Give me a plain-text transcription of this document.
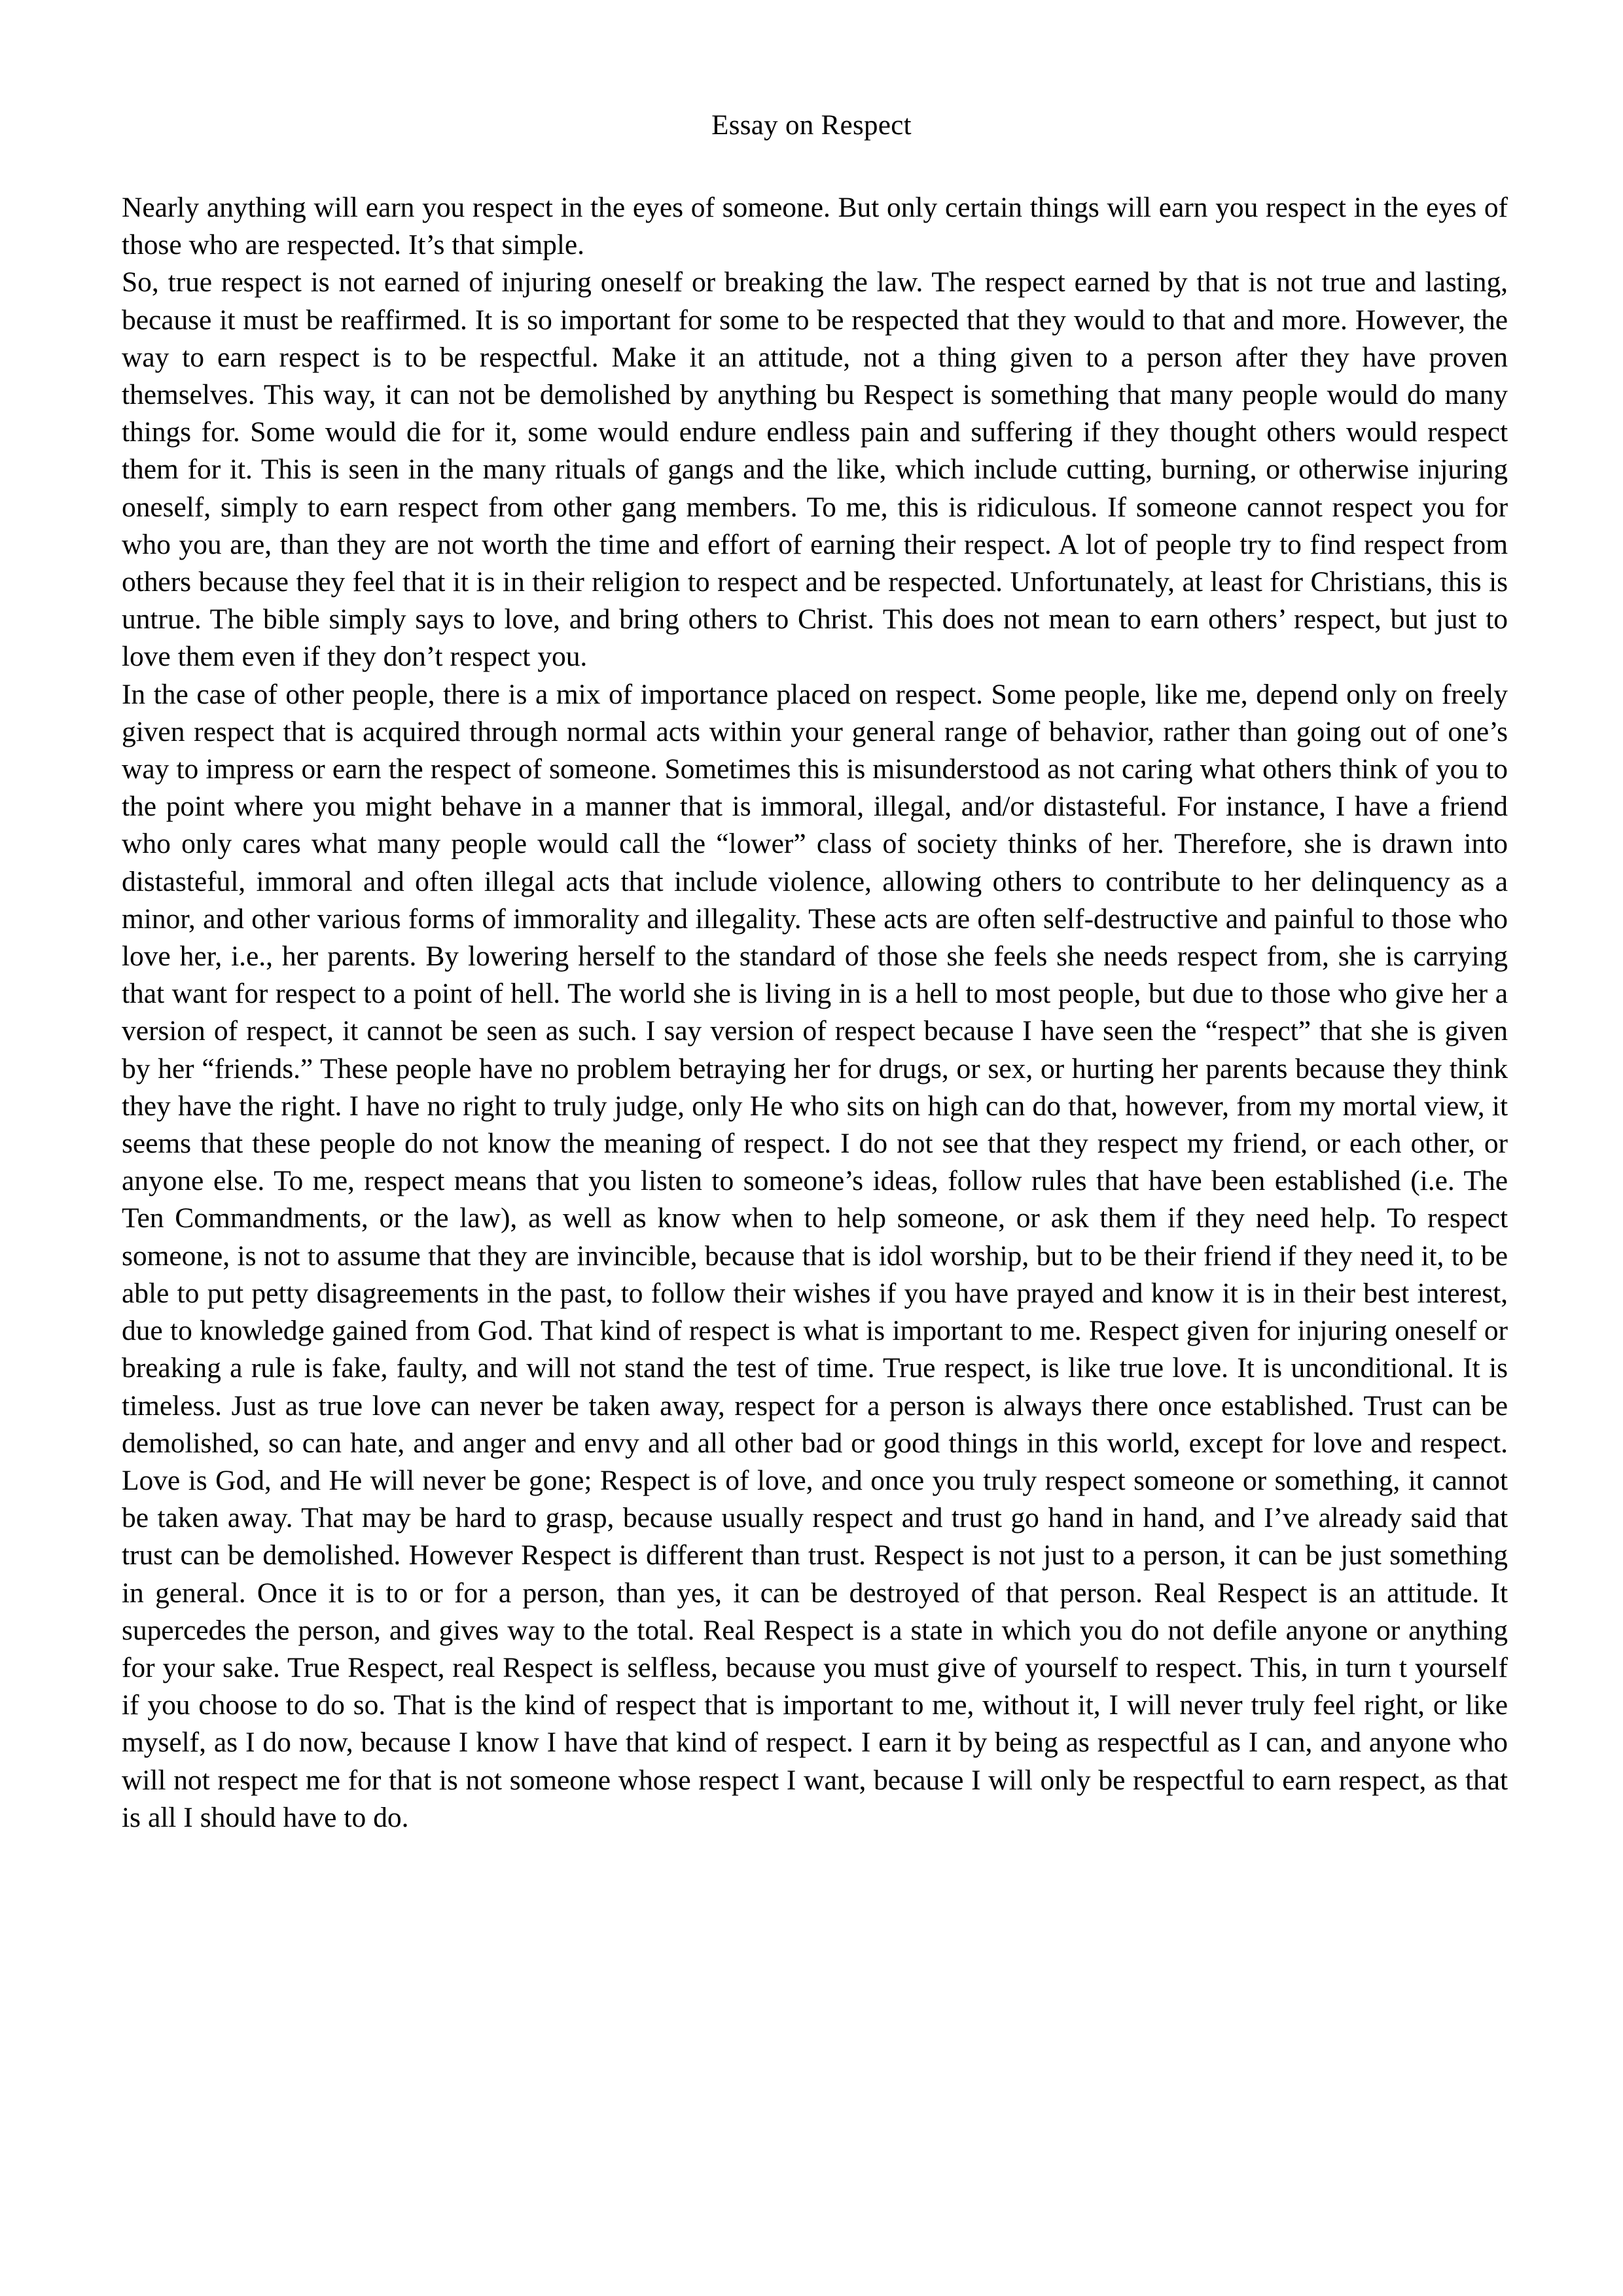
Essay on Respect

Nearly anything will earn you respect in the eyes of someone. But only certain things will earn you respect in the eyes of those who are respected. It’s that simple.

So, true respect is not earned of injuring oneself or breaking the law. The respect earned by that is not true and lasting, because it must be reaffirmed. It is so important for some to be respected that they would to that and more. However, the way to earn respect is to be respectful. Make it an attitude, not a thing given to a person after they have proven themselves. This way, it can not be demolished by anything bu Respect is something that many people would do many things for. Some would die for it, some would endure endless pain and suffering if they thought others would respect them for it. This is seen in the many rituals of gangs and the like, which include cutting, burning, or otherwise injuring oneself, simply to earn respect from other gang members. To me, this is ridiculous. If someone cannot respect you for who you are, than they are not worth the time and effort of earning their respect. A lot of people try to find respect from others because they feel that it is in their religion to respect and be respected. Unfortunately, at least for Christians, this is untrue. The bible simply says to love, and bring others to Christ. This does not mean to earn others’ respect, but just to love them even if they don’t respect you.

In the case of other people, there is a mix of importance placed on respect. Some people, like me, depend only on freely given respect that is acquired through normal acts within your general range of behavior, rather than going out of one’s way to impress or earn the respect of someone. Sometimes this is misunderstood as not caring what others think of you to the point where you might behave in a manner that is immoral, illegal, and/or distasteful. For instance, I have a friend who only cares what many people would call the “lower” class of society thinks of her. Therefore, she is drawn into distasteful, immoral and often illegal acts that include violence, allowing others to contribute to her delinquency as a minor, and other various forms of immorality and illegality. These acts are often self-destructive and painful to those who love her, i.e., her parents. By lowering herself to the standard of those she feels she needs respect from, she is carrying that want for respect to a point of hell. The world she is living in is a hell to most people, but due to those who give her a version of respect, it cannot be seen as such. I say version of respect because I have seen the “respect” that she is given by her “friends.” These people have no problem betraying her for drugs, or sex, or hurting her parents because they think they have the right. I have no right to truly judge, only He who sits on high can do that, however, from my mortal view, it seems that these people do not know the meaning of respect. I do not see that they respect my friend, or each other, or anyone else. To me, respect means that you listen to someone’s ideas, follow rules that have been established (i.e. The Ten Commandments, or the law), as well as know when to help someone, or ask them if they need help. To respect someone, is not to assume that they are invincible, because that is idol worship, but to be their friend if they need it, to be able to put petty disagreements in the past, to follow their wishes if you have prayed and know it is in their best interest, due to knowledge gained from God. That kind of respect is what is important to me. Respect given for injuring oneself or breaking a rule is fake, faulty, and will not stand the test of time. True respect, is like true love. It is unconditional. It is timeless. Just as true love can never be taken away, respect for a person is always there once established. Trust can be demolished, so can hate, and anger and envy and all other bad or good things in this world, except for love and respect. Love is God, and He will never be gone; Respect is of love, and once you truly respect someone or something, it cannot be taken away. That may be hard to grasp, because usually respect and trust go hand in hand, and I’ve already said that trust can be demolished. However Respect is different than trust. Respect is not just to a person, it can be just something in general. Once it is to or for a person, than yes, it can be destroyed of that person. Real Respect is an attitude. It supercedes the person, and gives way to the total. Real Respect is a state in which you do not defile anyone or anything for your sake. True Respect, real Respect is selfless, because you must give of yourself to respect. This, in turn t yourself if you choose to do so. That is the kind of respect that is important to me, without it, I will never truly feel right, or like myself, as I do now, because I know I have that kind of respect. I earn it by being as respectful as I can, and anyone who will not respect me for that is not someone whose respect I want, because I will only be respectful to earn respect, as that is all I should have to do.
